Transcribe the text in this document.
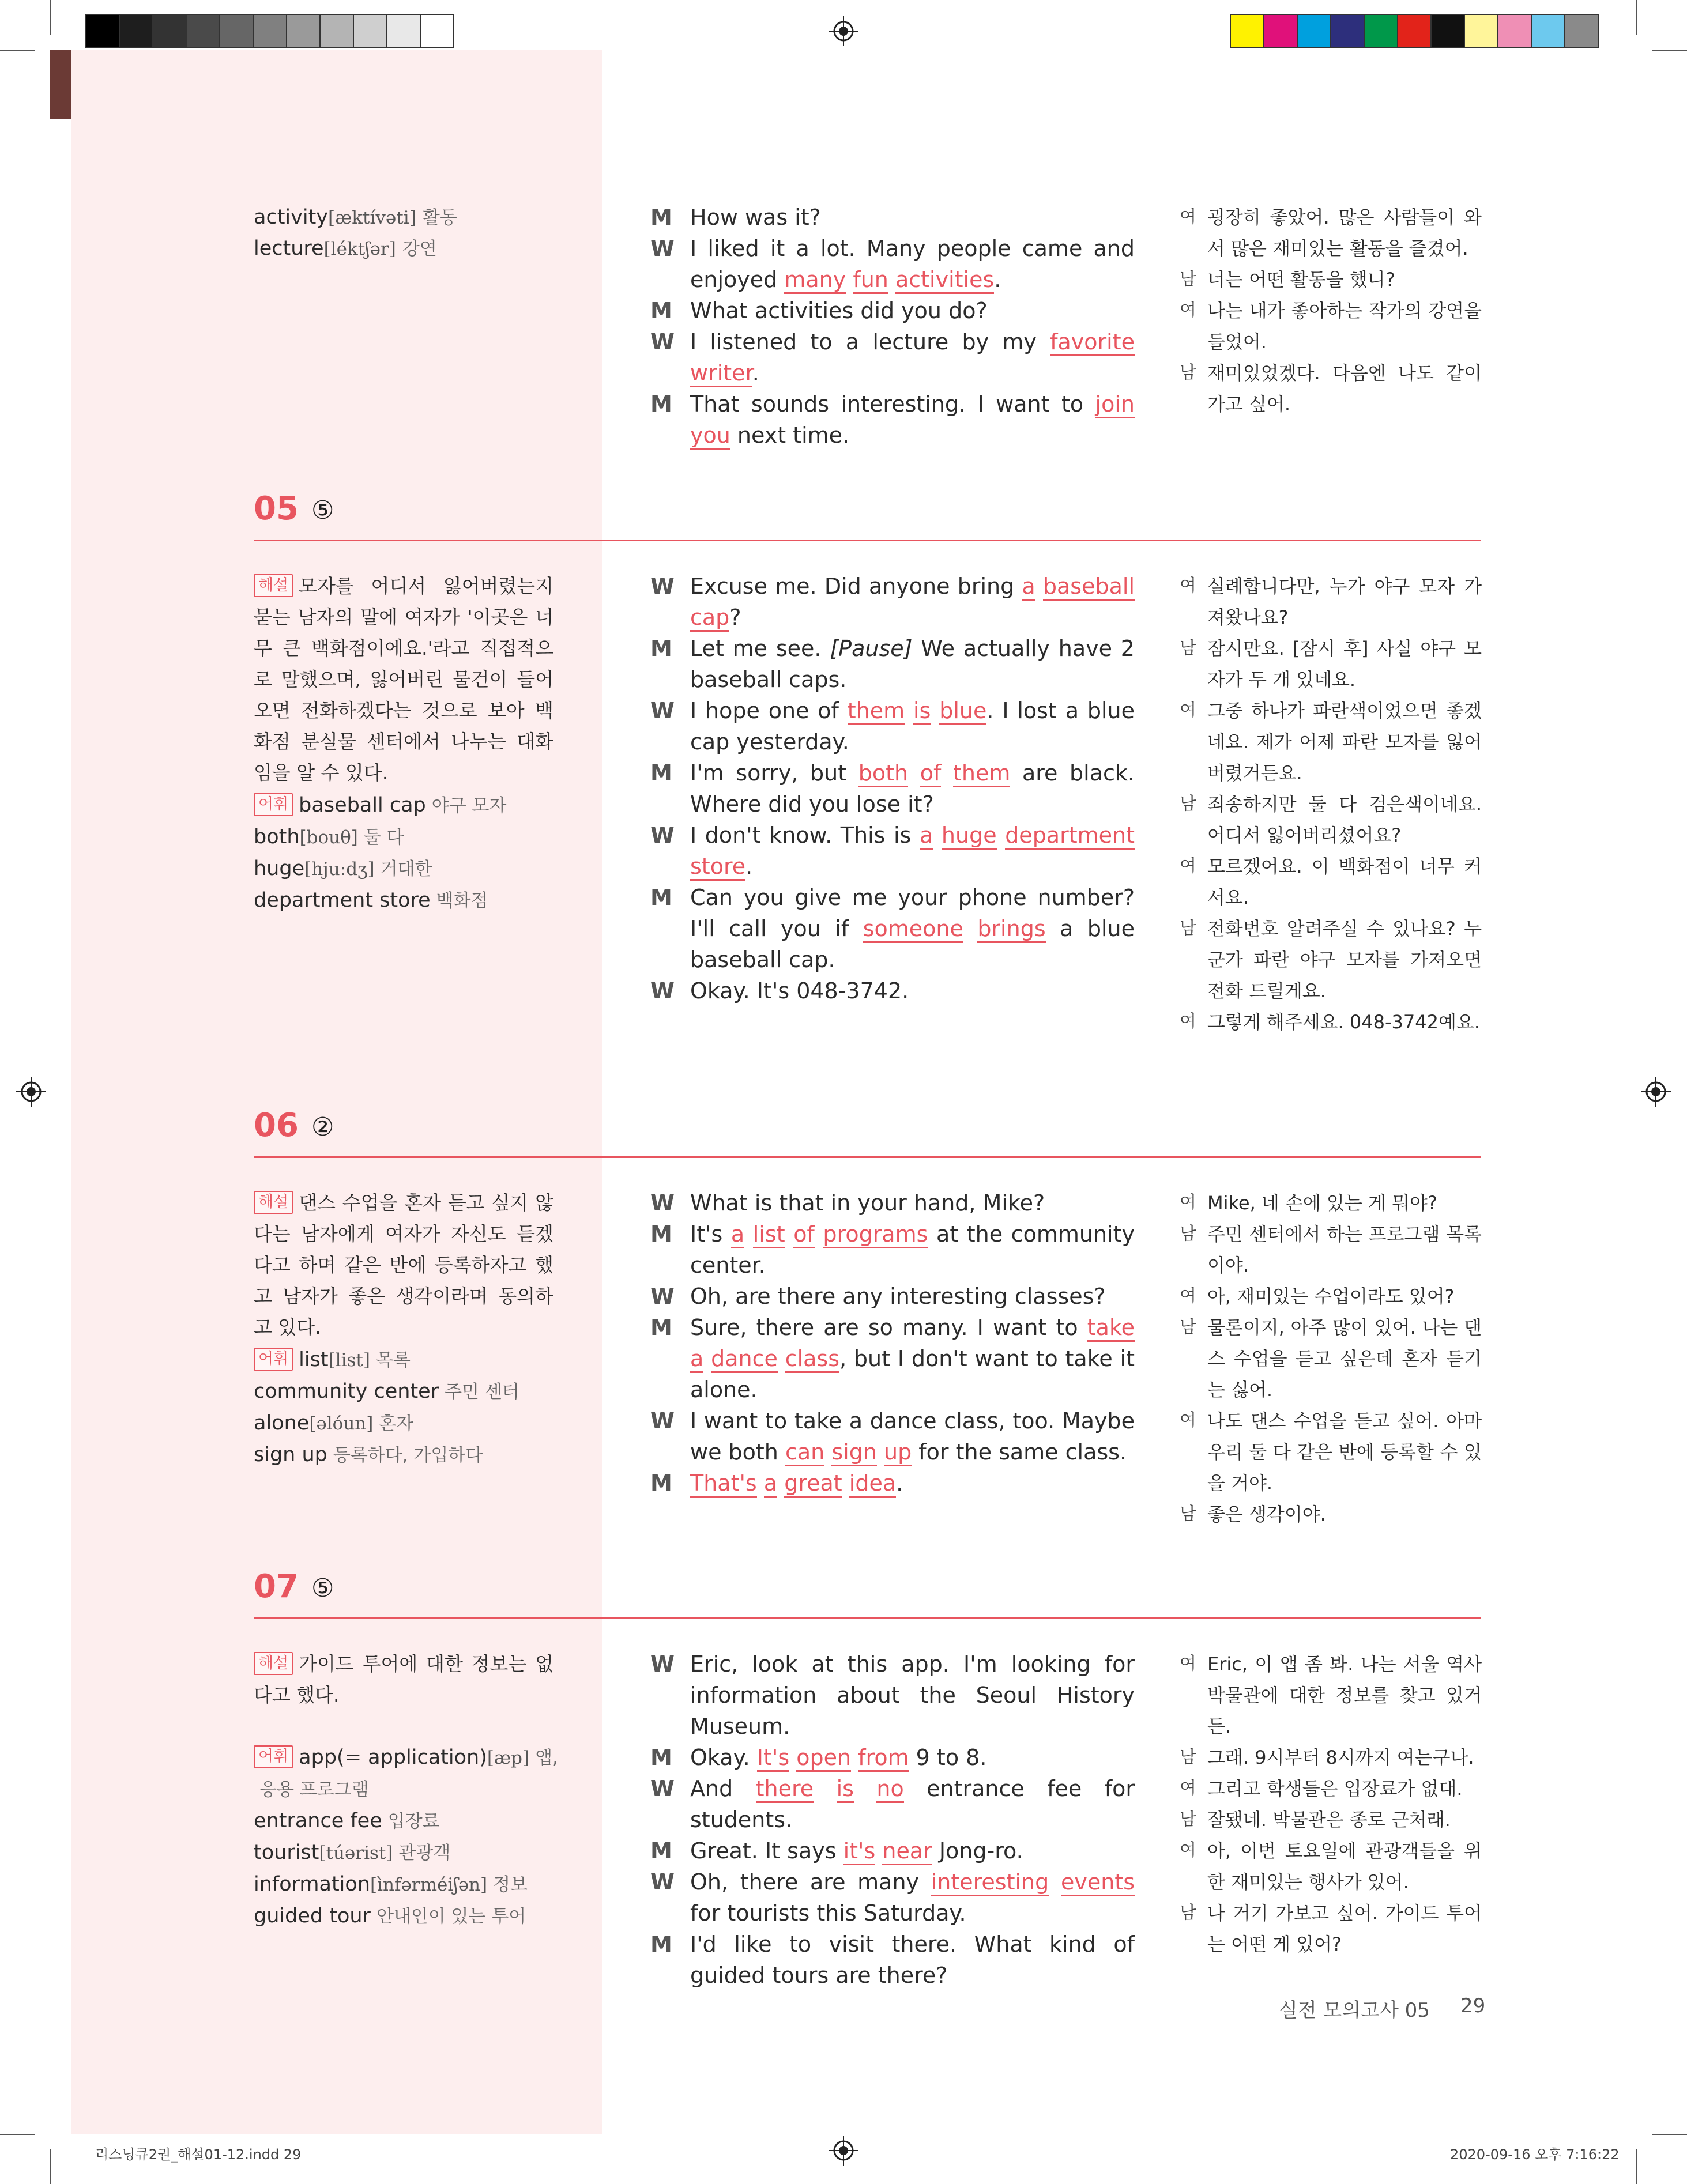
activity[æktívəti] 활동
lecture[léktʃər] 강연
M How was it?
W I liked it a lot. Many people came and enjoyed many fun activities.
M What activities did you do?
W I listened to a lecture by my favorite writer.
M That sounds interesting. I want to join you next time.
여 굉장히 좋았어. 많은 사람들이 와서 많은 재미있는 활동을 즐겼어.
남 너는 어떤 활동을 했니?
여 나는 내가 좋아하는 작가의 강연을 들었어.
남 재미있었겠다. 다음엔 나도 같이 가고 싶어.
05 ⑤
해설 모자를 어디서 잃어버렸는지 묻는 남자의 말에 여자가 '이곳은 너무 큰 백화점이에요.'라고 직접적으로 말했으며, 잃어버린 물건이 들어오면 전화하겠다는 것으로 보아 백화점 분실물 센터에서 나누는 대화임을 알 수 있다.
어휘 baseball cap 야구 모자
both[bouθ] 둘 다
huge[hjuːdʒ] 거대한
department store 백화점
W Excuse me. Did anyone bring a baseball cap?
M Let me see. [Pause] We actually have 2 baseball caps.
W I hope one of them is blue. I lost a blue cap yesterday.
M I'm sorry, but both of them are black. Where did you lose it?
W I don't know. This is a huge department store.
M Can you give me your phone number? I'll call you if someone brings a blue baseball cap.
W Okay. It's 048-3742.
여 실례합니다만, 누가 야구 모자 가져왔나요?
남 잠시만요. [잠시 후] 사실 야구 모자가 두 개 있네요.
여 그중 하나가 파란색이었으면 좋겠네요. 제가 어제 파란 모자를 잃어버렸거든요.
남 죄송하지만 둘 다 검은색이네요. 어디서 잃어버리셨어요?
여 모르겠어요. 이 백화점이 너무 커서요.
남 전화번호 알려주실 수 있나요? 누군가 파란 야구 모자를 가져오면 전화 드릴게요.
여 그렇게 해주세요. 048-3742예요.
06 ②
해설 댄스 수업을 혼자 듣고 싶지 않다는 남자에게 여자가 자신도 듣겠다고 하며 같은 반에 등록하자고 했고 남자가 좋은 생각이라며 동의하고 있다.
어휘 list[list] 목록
community center 주민 센터
alone[əlóun] 혼자
sign up 등록하다, 가입하다
W What is that in your hand, Mike?
M It's a list of programs at the community center.
W Oh, are there any interesting classes?
M Sure, there are so many. I want to take a dance class, but I don't want to take it alone.
W I want to take a dance class, too. Maybe we both can sign up for the same class.
M That's a great idea.
여 Mike, 네 손에 있는 게 뭐야?
남 주민 센터에서 하는 프로그램 목록이야.
여 아, 재미있는 수업이라도 있어?
남 물론이지, 아주 많이 있어. 나는 댄스 수업을 듣고 싶은데 혼자 듣기는 싫어.
여 나도 댄스 수업을 듣고 싶어. 아마 우리 둘 다 같은 반에 등록할 수 있을 거야.
남 좋은 생각이야.
07 ⑤
해설 가이드 투어에 대한 정보는 없다고 했다.
어휘 app(= application)[æp] 앱,
응용 프로그램
entrance fee 입장료
tourist[túərist] 관광객
information[ìnfərméiʃən] 정보
guided tour 안내인이 있는 투어
W Eric, look at this app. I'm looking for information about the Seoul History Museum.
M Okay. It's open from 9 to 8.
W And there is no entrance fee for students.
M Great. It says it's near Jong-ro.
W Oh, there are many interesting events for tourists this Saturday.
M I'd like to visit there. What kind of guided tours are there?
여 Eric, 이 앱 좀 봐. 나는 서울 역사박물관에 대한 정보를 찾고 있거든.
남 그래. 9시부터 8시까지 여는구나.
여 그리고 학생들은 입장료가 없대.
남 잘됐네. 박물관은 종로 근처래.
여 아, 이번 토요일에 관광객들을 위한 재미있는 행사가 있어.
남 나 거기 가보고 싶어. 가이드 투어는 어떤 게 있어?
실전 모의고사 05 29
리스닝큐2권_해설01-12.indd 29	2020-09-16 오후 7:16:22
